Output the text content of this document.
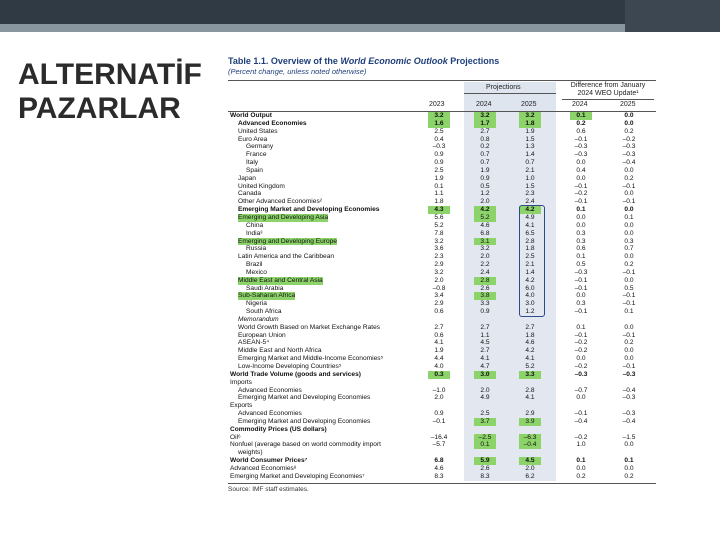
ALTERNATİF
PAZARLAR
Table 1.1. Overview of the World Economic Outlook Projections
(Percent change, unless noted otherwise)
Projections	Difference from January 2024 WEO Update¹
2023	2024	2025	2024	2025
World Output	3.2	3.2	3.2	0.1	0.0
Advanced Economies	1.6	1.7	1.8	0.2	0.0
United States	2.5	2.7	1.9	0.6	0.2
Euro Area	0.4	0.8	1.5	–0.1	–0.2
Germany	–0.3	0.2	1.3	–0.3	–0.3
France	0.9	0.7	1.4	–0.3	–0.3
Italy	0.9	0.7	0.7	0.0	–0.4
Spain	2.5	1.9	2.1	0.4	0.0
Japan	1.9	0.9	1.0	0.0	0.2
United Kingdom	0.1	0.5	1.5	–0.1	–0.1
Canada	1.1	1.2	2.3	–0.2	0.0
Other Advanced Economies²	1.8	2.0	2.4	–0.1	–0.1
Emerging Market and Developing Economies	4.3	4.2	4.2	0.1	0.0
Emerging and Developing Asia	5.6	5.2	4.9	0.0	0.1
China	5.2	4.6	4.1	0.0	0.0
India³	7.8	6.8	6.5	0.3	0.0
Emerging and Developing Europe	3.2	3.1	2.8	0.3	0.3
Russia	3.6	3.2	1.8	0.6	0.7
Latin America and the Caribbean	2.3	2.0	2.5	0.1	0.0
Brazil	2.9	2.2	2.1	0.5	0.2
Mexico	3.2	2.4	1.4	–0.3	–0.1
Middle East and Central Asia	2.0	2.8	4.2	–0.1	0.0
Saudi Arabia	–0.8	2.6	6.0	–0.1	0.5
Sub-Saharan Africa	3.4	3.8	4.0	0.0	–0.1
Nigeria	2.9	3.3	3.0	0.3	–0.1
South Africa	0.6	0.9	1.2	–0.1	0.1
Memorandum
World Growth Based on Market Exchange Rates	2.7	2.7	2.7	0.1	0.0
European Union	0.6	1.1	1.8	–0.1	–0.1
ASEAN-5⁴	4.1	4.5	4.6	–0.2	0.2
Middle East and North Africa	1.9	2.7	4.2	–0.2	0.0
Emerging Market and Middle-Income Economies⁵	4.4	4.1	4.1	0.0	0.0
Low-Income Developing Countries⁵	4.0	4.7	5.2	–0.2	–0.1
World Trade Volume (goods and services)	0.3	3.0	3.3	–0.3	–0.3
Imports
Advanced Economies	–1.0	2.0	2.8	–0.7	–0.4
Emerging Market and Developing Economies	2.0	4.9	4.1	0.0	–0.3
Exports
Advanced Economies	0.9	2.5	2.9	–0.1	–0.3
Emerging Market and Developing Economies	–0.1	3.7	3.9	–0.4	–0.4
Commodity Prices (US dollars)
Oil⁶	–16.4	–2.5	–6.3	–0.2	–1.5
Nonfuel (average based on world commodity import	–5.7	0.1	–0.4	1.0	0.0
weights)
World Consumer Prices⁷	6.8	5.9	4.5	0.1	0.1
Advanced Economies⁸	4.6	2.6	2.0	0.0	0.0
Emerging Market and Developing Economies⁷	8.3	8.3	6.2	0.2	0.2
Source: IMF staff estimates.
